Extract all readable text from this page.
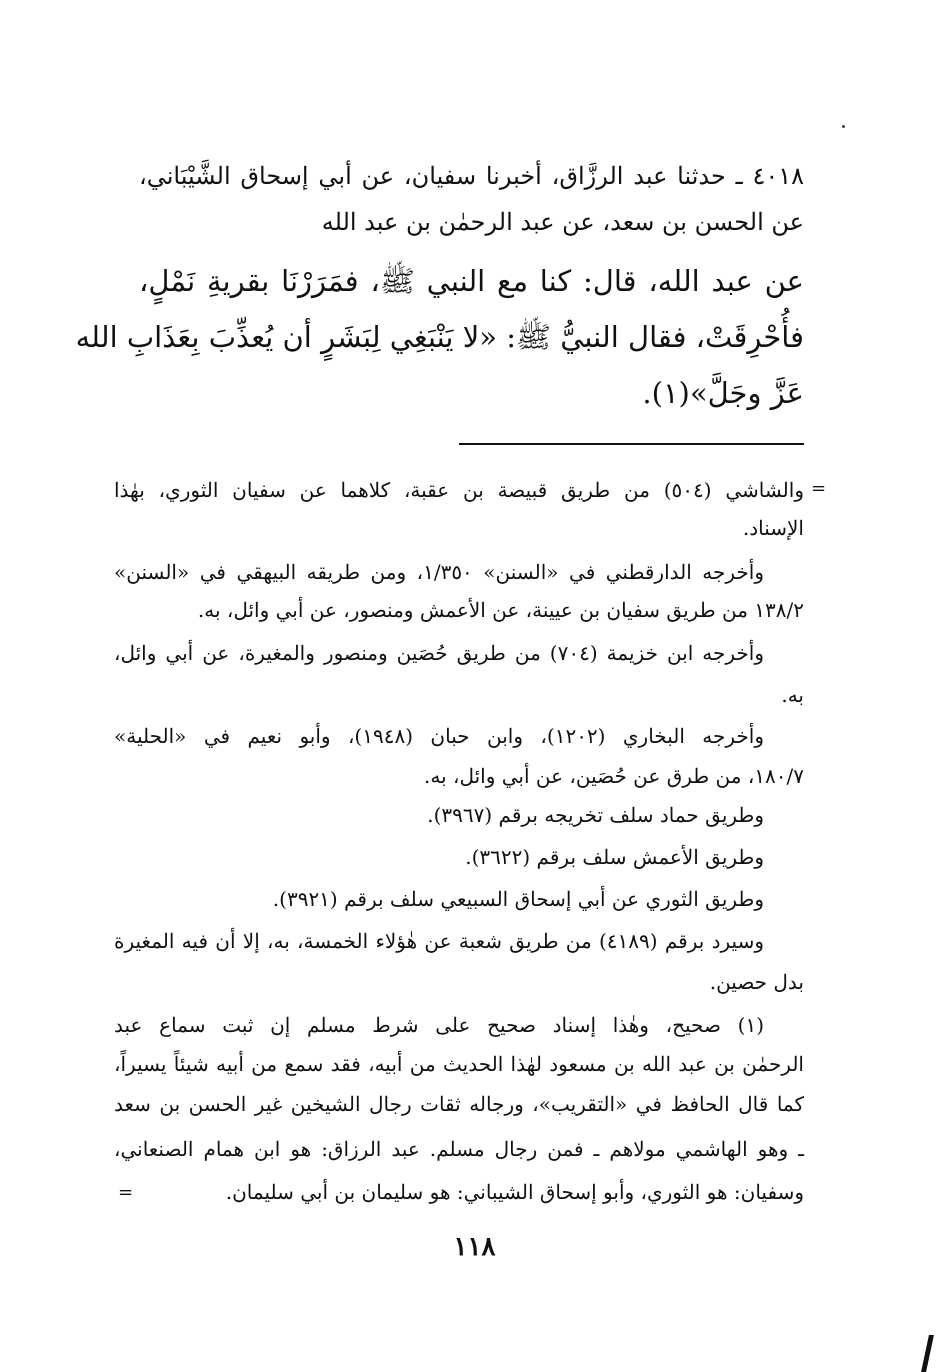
٤٠١٨ ـ حدثنا عبد الرزَّاق، أخبرنا سفيان، عن أبي إسحاق الشَّيْبَاني،
عن الحسن بن سعد، عن عبد الرحمٰن بن عبد الله
عن عبد الله، قال: كنا مع النبي ﷺ، فمَرَرْنَا بقريةِ نَمْلٍ،
فأُحْرِقَتْ، فقال النبيُّ ﷺ: «لا يَنْبَغِي لِبَشَرٍ أن يُعذِّبَ بِعَذَابِ الله
عَزَّ وجَلَّ»(١).
=
والشاشي (٥٠٤) من طريق قبيصة بن عقبة، كلاهما عن سفيان الثوري، بهٰذا
الإسناد.
وأخرجه الدارقطني في «السنن» ١/٣٥٠، ومن طريقه البيهقي في «السنن»
١٣٨/٢ من طريق سفيان بن عيينة، عن الأعمش ومنصور، عن أبي وائل، به.
وأخرجه ابن خزيمة (٧٠٤) من طريق حُصَين ومنصور والمغيرة، عن أبي وائل،
به.
وأخرجه البخاري (١٢٠٢)، وابن حبان (١٩٤٨)، وأبو نعيم في «الحلية»
١٨٠/٧، من طرق عن حُصَين، عن أبي وائل، به.
وطريق حماد سلف تخريجه برقم (٣٩٦٧).
وطريق الأعمش سلف برقم (٣٦٢٢).
وطريق الثوري عن أبي إسحاق السبيعي سلف برقم (٣٩٢١).
وسيرد برقم (٤١٨٩) من طريق شعبة عن هٰؤلاء الخمسة، به، إلا أن فيه المغيرة
بدل حصين.
(١) صحيح، وهٰذا إسناد صحيح على شرط مسلم إن ثبت سماع عبد
الرحمٰن بن عبد الله بن مسعود لهٰذا الحديث من أبيه، فقد سمع من أبيه شيئاً يسيراً،
كما قال الحافظ في «التقريب»، ورجاله ثقات رجال الشيخين غير الحسن بن سعد
ـ وهو الهاشمي مولاهم ـ فمن رجال مسلم. عبد الرزاق: هو ابن همام الصنعاني،
وسفيان: هو الثوري، وأبو إسحاق الشيباني: هو سليمان بن أبي سليمان.
=
١١٨
